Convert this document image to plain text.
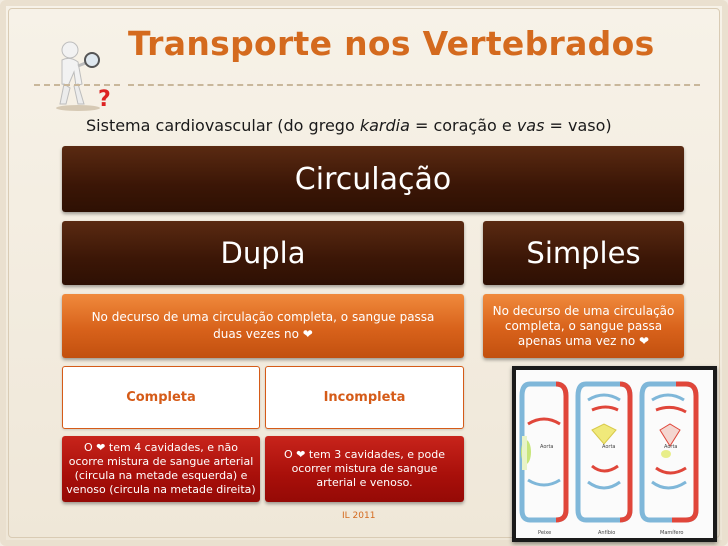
?
Transporte nos Vertebrados
Sistema cardiovascular (do grego kardia = coração e vas = vaso)
Circulação
Dupla	Simples
No decurso de uma circulação completa, o sangue passa duas vezes no ❤
No decurso de uma circulação completa, o sangue passa apenas uma vez no ❤
Completa	Incompleta
O ❤ tem 4 cavidades, e não ocorre mistura de sangue arterial (circula na metade esquerda) e venoso (circula na metade direita)
O ❤ tem 3 cavidades, e pode ocorrer mistura de sangue arterial e venoso.
Aorta	Aorta	Aorta
Peixe	Anfíbio	Mamífero
IL 2011
